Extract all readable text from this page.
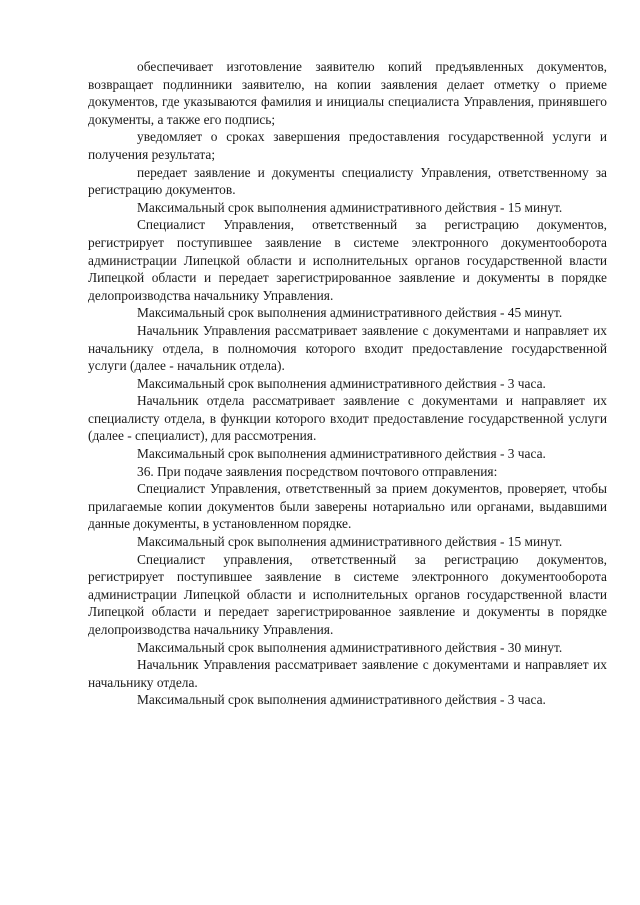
обеспечивает изготовление заявителю копий предъявленных документов, возвращает подлинники заявителю, на копии заявления делает отметку о приеме документов, где указываются фамилия и инициалы специалиста Управления, принявшего документы, а также его подпись;

уведомляет о сроках завершения предоставления государственной услуги и получения результата;

передает заявление и документы специалисту Управления, ответственному за регистрацию документов.

Максимальный срок выполнения административного действия - 15 минут.

Специалист Управления, ответственный за регистрацию документов, регистрирует поступившее заявление в системе электронного документооборота администрации Липецкой области и исполнительных органов государственной власти Липецкой области и передает зарегистрированное заявление и документы в порядке делопроизводства начальнику Управления.

Максимальный срок выполнения административного действия - 45 минут.

Начальник Управления рассматривает заявление с документами и направляет их начальнику отдела, в полномочия которого входит предоставление государственной услуги (далее - начальник отдела).

Максимальный срок выполнения административного действия - 3 часа.

Начальник отдела рассматривает заявление с документами и направляет их специалисту отдела, в функции которого входит предоставление государственной услуги (далее - специалист), для рассмотрения.

Максимальный срок выполнения административного действия - 3 часа.

36. При подаче заявления посредством почтового отправления:

Специалист Управления, ответственный за прием документов, проверяет, чтобы прилагаемые копии документов были заверены нотариально или органами, выдавшими данные документы, в установленном порядке.

Максимальный срок выполнения административного действия - 15 минут.

Специалист управления, ответственный за регистрацию документов, регистрирует поступившее заявление в системе электронного документооборота администрации Липецкой области и исполнительных органов государственной власти Липецкой области и передает зарегистрированное заявление и документы в порядке делопроизводства начальнику Управления.

Максимальный срок выполнения административного действия - 30 минут.

Начальник Управления рассматривает заявление с документами и направляет их начальнику отдела.

Максимальный срок выполнения административного действия - 3 часа.
